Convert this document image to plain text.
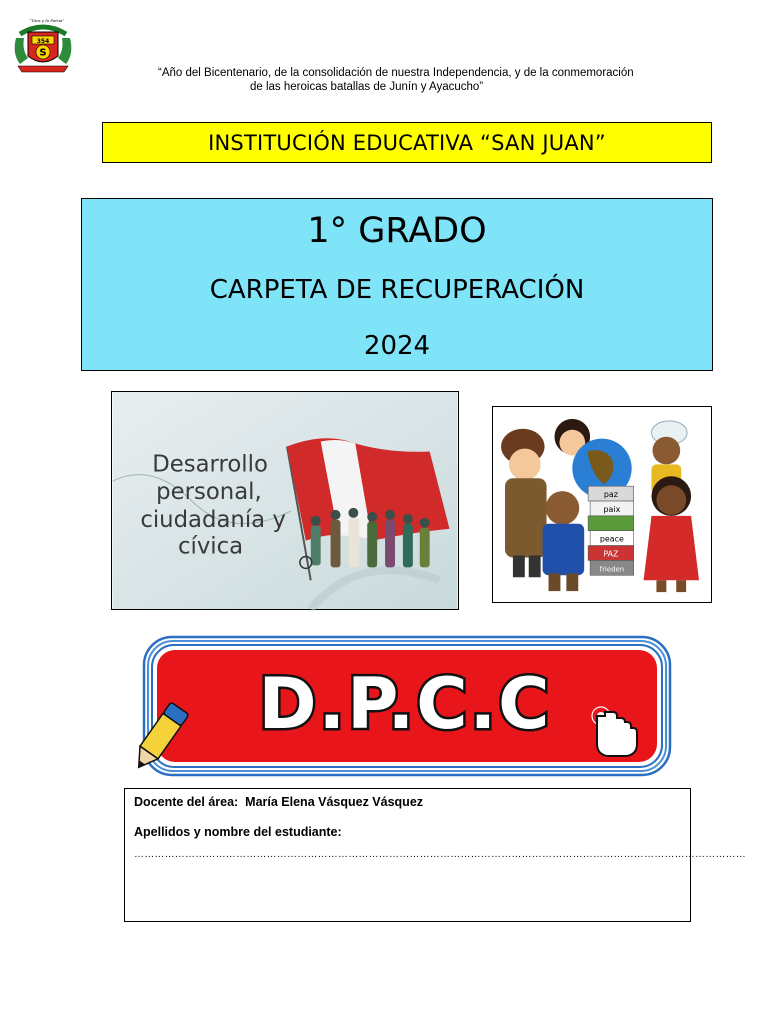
354
S
“Dios y la Patria”
“Año del Bicentenario, de la consolidación de nuestra Independencia, y de la conmemoración
de las heroicas batallas de Junín y Ayacucho”
INSTITUCIÓN EDUCATIVA “SAN JUAN”
1° GRADO
CARPETA DE RECUPERACIÓN
2024
Desarrollo
personal,
ciudadanía y
cívica
paz
paix
peace
PAZ
frieden
D.P.C.C
Docente del área: María Elena Vásquez Vásquez
Apellidos y nombre del estudiante:
………………………………………………………………………………………………………………………………………………………………
